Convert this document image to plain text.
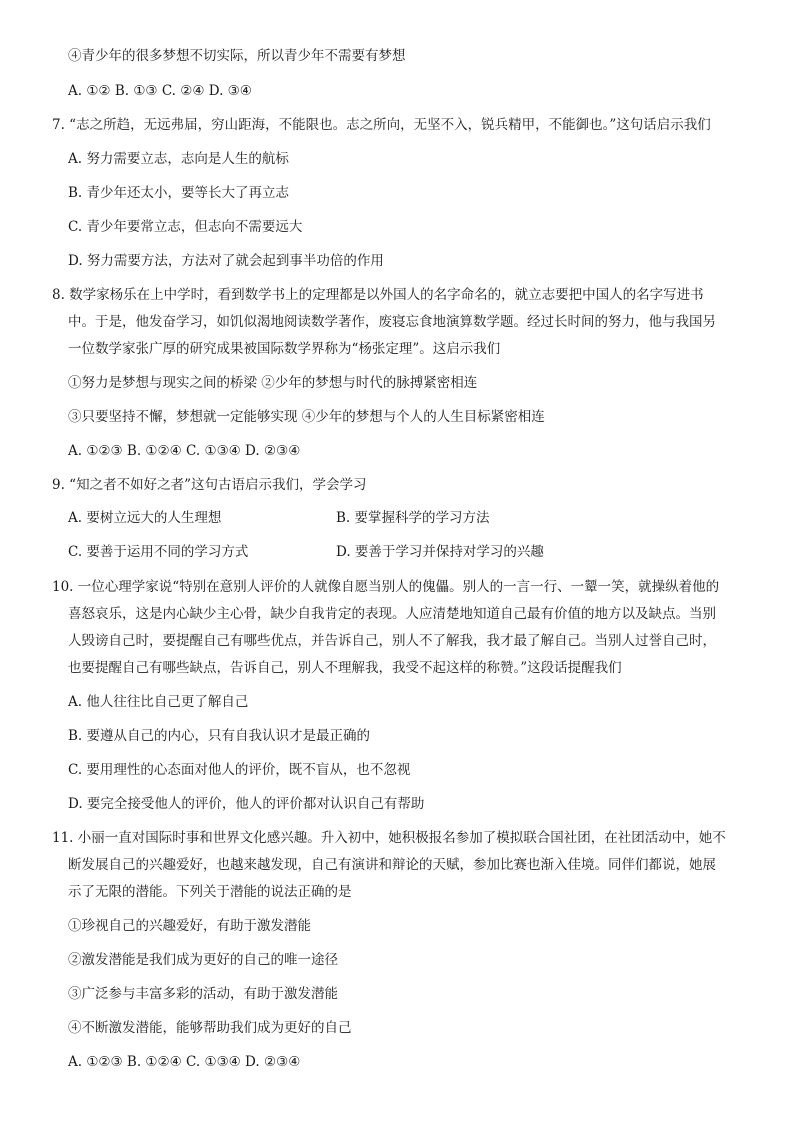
④青少年的很多梦想不切实际，所以青少年不需要有梦想
A. ①② B. ①③ C. ②④ D. ③④
7. “志之所趋，无远弗届，穷山距海，不能限也。志之所向，无坚不入，锐兵精甲，不能御也。”这句话启示我们
A. 努力需要立志，志向是人生的航标
B. 青少年还太小，要等长大了再立志
C. 青少年要常立志，但志向不需要远大
D. 努力需要方法，方法对了就会起到事半功倍的作用
8. 数学家杨乐在上中学时，看到数学书上的定理都是以外国人的名字命名的，就立志要把中国人的名字写进书
中。于是，他发奋学习，如饥似渴地阅读数学著作，废寝忘食地演算数学题。经过长时间的努力，他与我国另
一位数学家张广厚的研究成果被国际数学界称为“杨张定理”。这启示我们
①努力是梦想与现实之间的桥梁 ②少年的梦想与时代的脉搏紧密相连
③只要坚持不懈，梦想就一定能够实现 ④少年的梦想与个人的人生目标紧密相连
A. ①②③ B. ①②④ C. ①③④ D. ②③④
9. “知之者不如好之者”这句古语启示我们，学会学习
A. 要树立远大的人生理想	B. 要掌握科学的学习方法
C. 要善于运用不同的学习方式	D. 要善于学习并保持对学习的兴趣
10. 一位心理学家说“特别在意别人评价的人就像自愿当别人的傀儡。别人的一言一行、一颦一笑，就操纵着他的
喜怒哀乐，这是内心缺少主心骨，缺少自我肯定的表现。人应清楚地知道自己最有价值的地方以及缺点。当别
人毁谤自己时，要提醒自己有哪些优点，并告诉自己，别人不了解我，我才最了解自己。当别人过誉自己时，
也要提醒自己有哪些缺点，告诉自己，别人不理解我，我受不起这样的称赞。”这段话提醒我们
A. 他人往往比自己更了解自己
B. 要遵从自己的内心，只有自我认识才是最正确的
C. 要用理性的心态面对他人的评价，既不盲从，也不忽视
D. 要完全接受他人的评价，他人的评价都对认识自己有帮助
11. 小丽一直对国际时事和世界文化感兴趣。升入初中，她积极报名参加了模拟联合国社团，在社团活动中，她不
断发展自己的兴趣爱好，也越来越发现，自己有演讲和辩论的天赋，参加比赛也渐入佳境。同伴们都说，她展
示了无限的潜能。下列关于潜能的说法正确的是
①珍视自己的兴趣爱好，有助于激发潜能
②激发潜能是我们成为更好的自己的唯一途径
③广泛参与丰富多彩的活动，有助于激发潜能
④不断激发潜能，能够帮助我们成为更好的自己
A. ①②③ B. ①②④ C. ①③④ D. ②③④
